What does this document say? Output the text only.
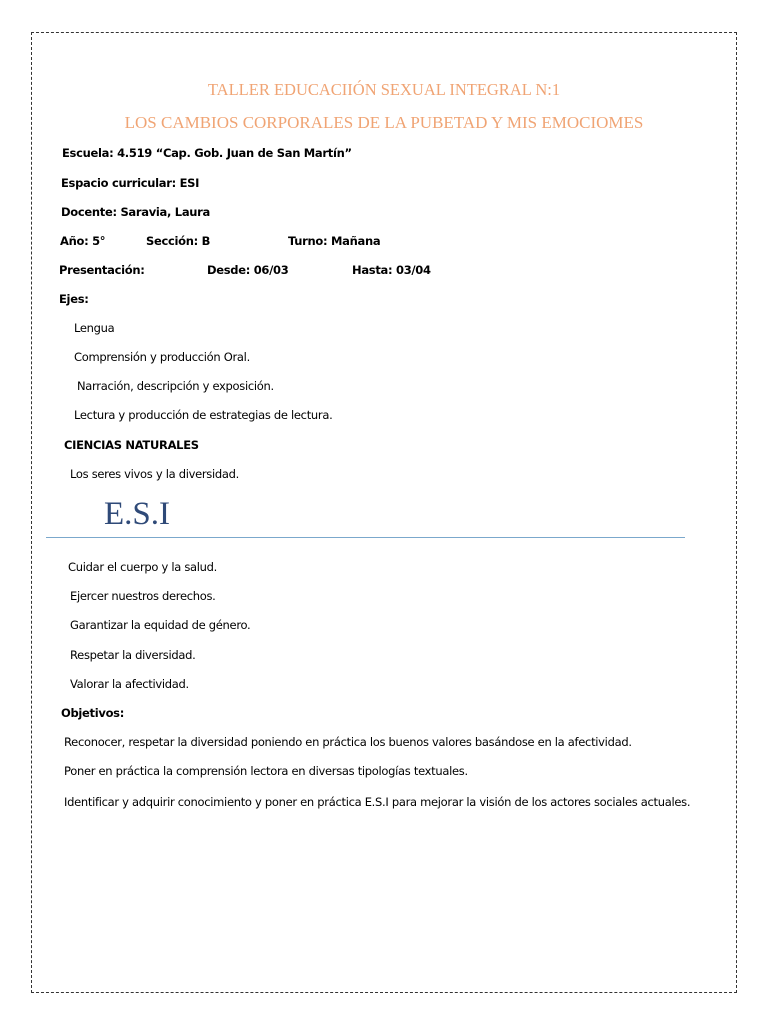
TALLER EDUCACIIÓN SEXUAL INTEGRAL N:1
LOS CAMBIOS CORPORALES DE LA PUBETAD Y MIS EMOCIOMES
Escuela: 4.519 “Cap. Gob. Juan de San Martín”
Espacio curricular: ESI
Docente: Saravia, Laura
Año: 5°	Sección: B	Turno: Mañana
Presentación:	Desde: 06/03	Hasta: 03/04
Ejes:
Lengua
Comprensión y producción Oral.
Narración, descripción y exposición.
Lectura y producción de estrategias de lectura.
CIENCIAS NATURALES
Los seres vivos y la diversidad.
E.S.I
Cuidar el cuerpo y la salud.
Ejercer nuestros derechos.
Garantizar la equidad de género.
Respetar la diversidad.
Valorar la afectividad.
Objetivos:
Reconocer, respetar la diversidad poniendo en práctica los buenos valores basándose en la afectividad.
Poner en práctica la comprensión lectora en diversas tipologías textuales.
Identificar y adquirir conocimiento y poner en práctica E.S.I para mejorar la visión de los actores sociales actuales.
